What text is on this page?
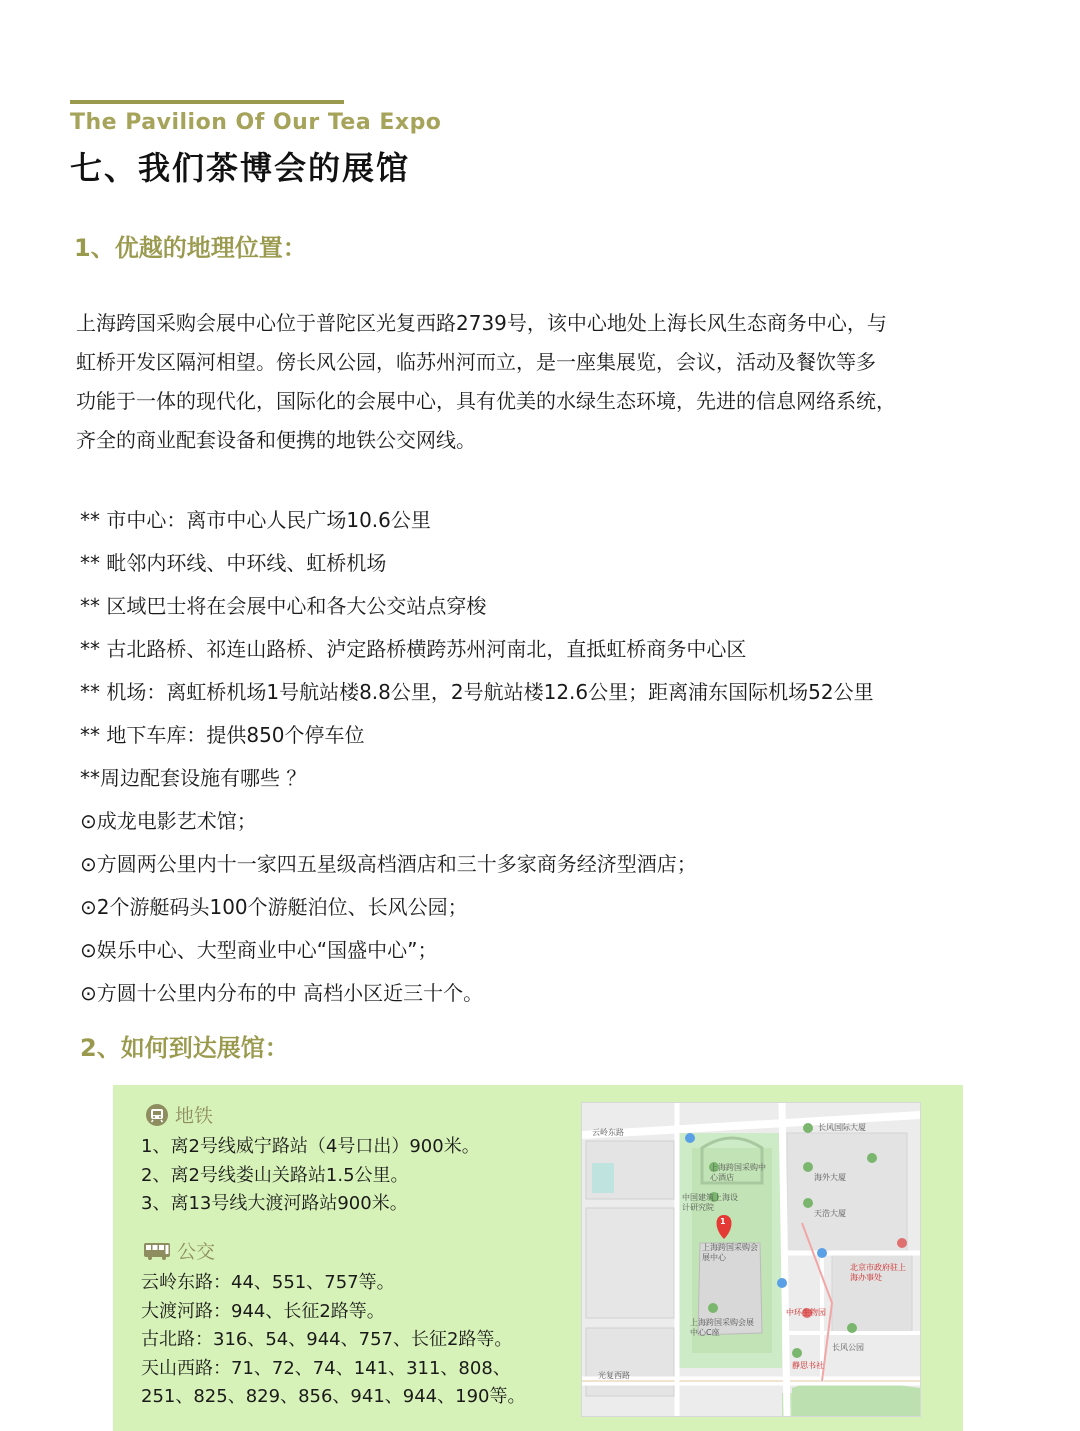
The Pavilion Of Our Tea Expo
七、我们茶博会的展馆
1、优越的地理位置：

上海跨国采购会展中心位于普陀区光复西路2739号，该中心地处上海长风生态商务中心，与

虹桥开发区隔河相望。傍长风公园，临苏州河而立，是一座集展览，会议，活动及餐饮等多

功能于一体的现代化，国际化的会展中心，具有优美的水绿生态环境，先进的信息网络系统，

齐全的商业配套设备和便携的地铁公交网线。

** 市中心：离市中心人民广场10.6公里
** 毗邻内环线、中环线、虹桥机场
** 区域巴士将在会展中心和各大公交站点穿梭
** 古北路桥、祁连山路桥、泸定路桥横跨苏州河南北，直抵虹桥商务中心区
** 机场：离虹桥机场1号航站楼8.8公里，2号航站楼12.6公里；距离浦东国际机场52公里
** 地下车库：提供850个停车位
**周边配套设施有哪些 ？
⊙成龙电影艺术馆；
⊙方圆两公里内十一家四五星级高档酒店和三十多家商务经济型酒店；
⊙2个游艇码头100个游艇泊位、长风公园；
⊙娱乐中心、大型商业中心“国盛中心”；
⊙方圆十公里内分布的中 高档小区近三十个。
2、如何到达展馆：
地铁
1、离2号线威宁路站（4号口出）900米。
2、离2号线娄山关路站1.5公里。
3、离13号线大渡河路站900米。
公交
云岭东路：44、551、757等。
大渡河路：944、长征2路等。
古北路：316、54、944、757、长征2路等。
天山西路：71、72、74、141、311、808、
251、825、829、856、941、944、190等。
云岭东路
长风国际大厦
上海跨国采购中心酒店	海外大厦
中国建筑上海设计研究院
上海跨国采购会展中心
天浩大厦
北京市政府驻上海办事处
上海跨国采购会展中心C座
中环生物园
长风公园
光复西路
静思书社
1
